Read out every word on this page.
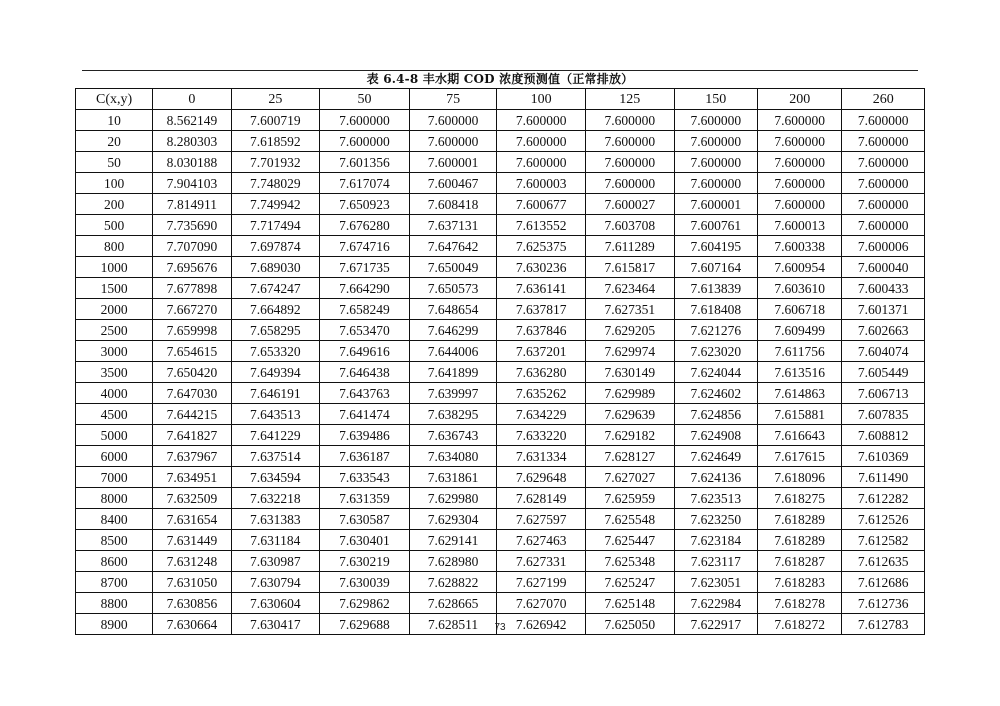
表 6.4-8 丰水期 COD 浓度预测值（正常排放）
C(x,y)	0	25	50	75	100	125	150	200	260
10	8.562149	7.600719	7.600000	7.600000	7.600000	7.600000	7.600000	7.600000	7.600000
20	8.280303	7.618592	7.600000	7.600000	7.600000	7.600000	7.600000	7.600000	7.600000
50	8.030188	7.701932	7.601356	7.600001	7.600000	7.600000	7.600000	7.600000	7.600000
100	7.904103	7.748029	7.617074	7.600467	7.600003	7.600000	7.600000	7.600000	7.600000
200	7.814911	7.749942	7.650923	7.608418	7.600677	7.600027	7.600001	7.600000	7.600000
500	7.735690	7.717494	7.676280	7.637131	7.613552	7.603708	7.600761	7.600013	7.600000
800	7.707090	7.697874	7.674716	7.647642	7.625375	7.611289	7.604195	7.600338	7.600006
1000	7.695676	7.689030	7.671735	7.650049	7.630236	7.615817	7.607164	7.600954	7.600040
1500	7.677898	7.674247	7.664290	7.650573	7.636141	7.623464	7.613839	7.603610	7.600433
2000	7.667270	7.664892	7.658249	7.648654	7.637817	7.627351	7.618408	7.606718	7.601371
2500	7.659998	7.658295	7.653470	7.646299	7.637846	7.629205	7.621276	7.609499	7.602663
3000	7.654615	7.653320	7.649616	7.644006	7.637201	7.629974	7.623020	7.611756	7.604074
3500	7.650420	7.649394	7.646438	7.641899	7.636280	7.630149	7.624044	7.613516	7.605449
4000	7.647030	7.646191	7.643763	7.639997	7.635262	7.629989	7.624602	7.614863	7.606713
4500	7.644215	7.643513	7.641474	7.638295	7.634229	7.629639	7.624856	7.615881	7.607835
5000	7.641827	7.641229	7.639486	7.636743	7.633220	7.629182	7.624908	7.616643	7.608812
6000	7.637967	7.637514	7.636187	7.634080	7.631334	7.628127	7.624649	7.617615	7.610369
7000	7.634951	7.634594	7.633543	7.631861	7.629648	7.627027	7.624136	7.618096	7.611490
8000	7.632509	7.632218	7.631359	7.629980	7.628149	7.625959	7.623513	7.618275	7.612282
8400	7.631654	7.631383	7.630587	7.629304	7.627597	7.625548	7.623250	7.618289	7.612526
8500	7.631449	7.631184	7.630401	7.629141	7.627463	7.625447	7.623184	7.618289	7.612582
8600	7.631248	7.630987	7.630219	7.628980	7.627331	7.625348	7.623117	7.618287	7.612635
8700	7.631050	7.630794	7.630039	7.628822	7.627199	7.625247	7.623051	7.618283	7.612686
8800	7.630856	7.630604	7.629862	7.628665	7.627070	7.625148	7.622984	7.618278	7.612736
8900	7.630664	7.630417	7.629688	7.628511	7.626942	7.625050	7.622917	7.618272	7.612783
73
